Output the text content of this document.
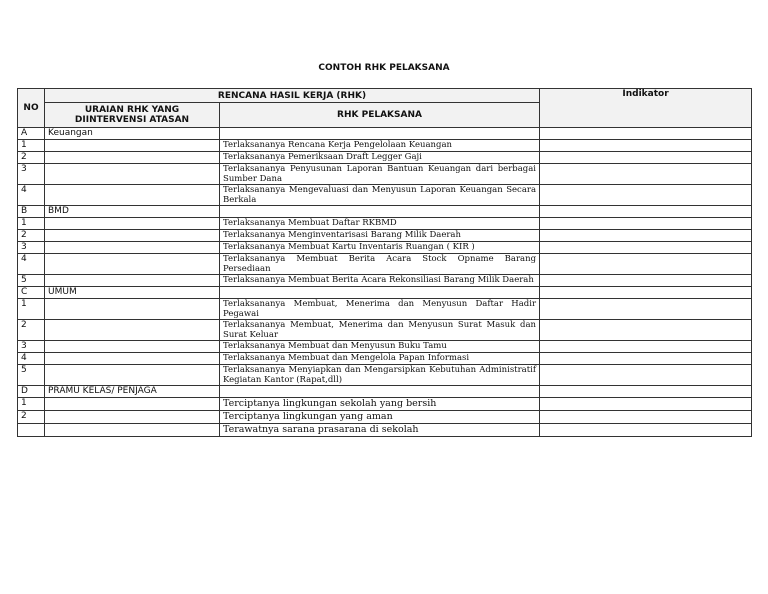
CONTOH RHK PELAKSANA
NO	RENCANA HASIL KERJA (RHK)		Indikator
	URAIAN RHK YANG DIINTERVENSI ATASAN	RHK PELAKSANA	
A	Keuangan		
1		Terlaksananya Rencana Kerja Pengelolaan Keuangan	
2		Terlaksananya Pemeriksaan Draft Legger Gaji	
3		Terlaksananya Penyusunan Laporan Bantuan Keuangan dari berbagai Sumber Dana	
4		Terlaksananya Mengevaluasi dan Menyusun Laporan Keuangan Secara Berkala	
B	BMD		
1		Terlaksananya Membuat Daftar RKBMD	
2		Terlaksananya Menginventarisasi Barang Milik Daerah	
3		Terlaksananya Membuat Kartu Inventaris Ruangan ( KIR )	
4		Terlaksananya Membuat Berita Acara Stock Opname Barang Persediaan	
5		Terlaksananya Membuat Berita Acara Rekonsiliasi Barang Milik Daerah	
C	UMUM		
1		Terlaksananya Membuat, Menerima dan Menyusun Daftar Hadir Pegawai	
2		Terlaksananya Membuat, Menerima dan Menyusun Surat Masuk dan Surat Keluar	
3		Terlaksananya Membuat dan Menyusun Buku Tamu	
4		Terlaksananya Membuat dan Mengelola Papan Informasi	
5		Terlaksananya Menyiapkan dan Mengarsipkan Kebutuhan Administratif Kegiatan Kantor (Rapat,dll)	
D	PRAMU KELAS/ PENJAGA		
1		Terciptanya lingkungan sekolah yang bersih	
2		Terciptanya lingkungan yang aman	
		Terawatnya sarana prasarana di sekolah	
